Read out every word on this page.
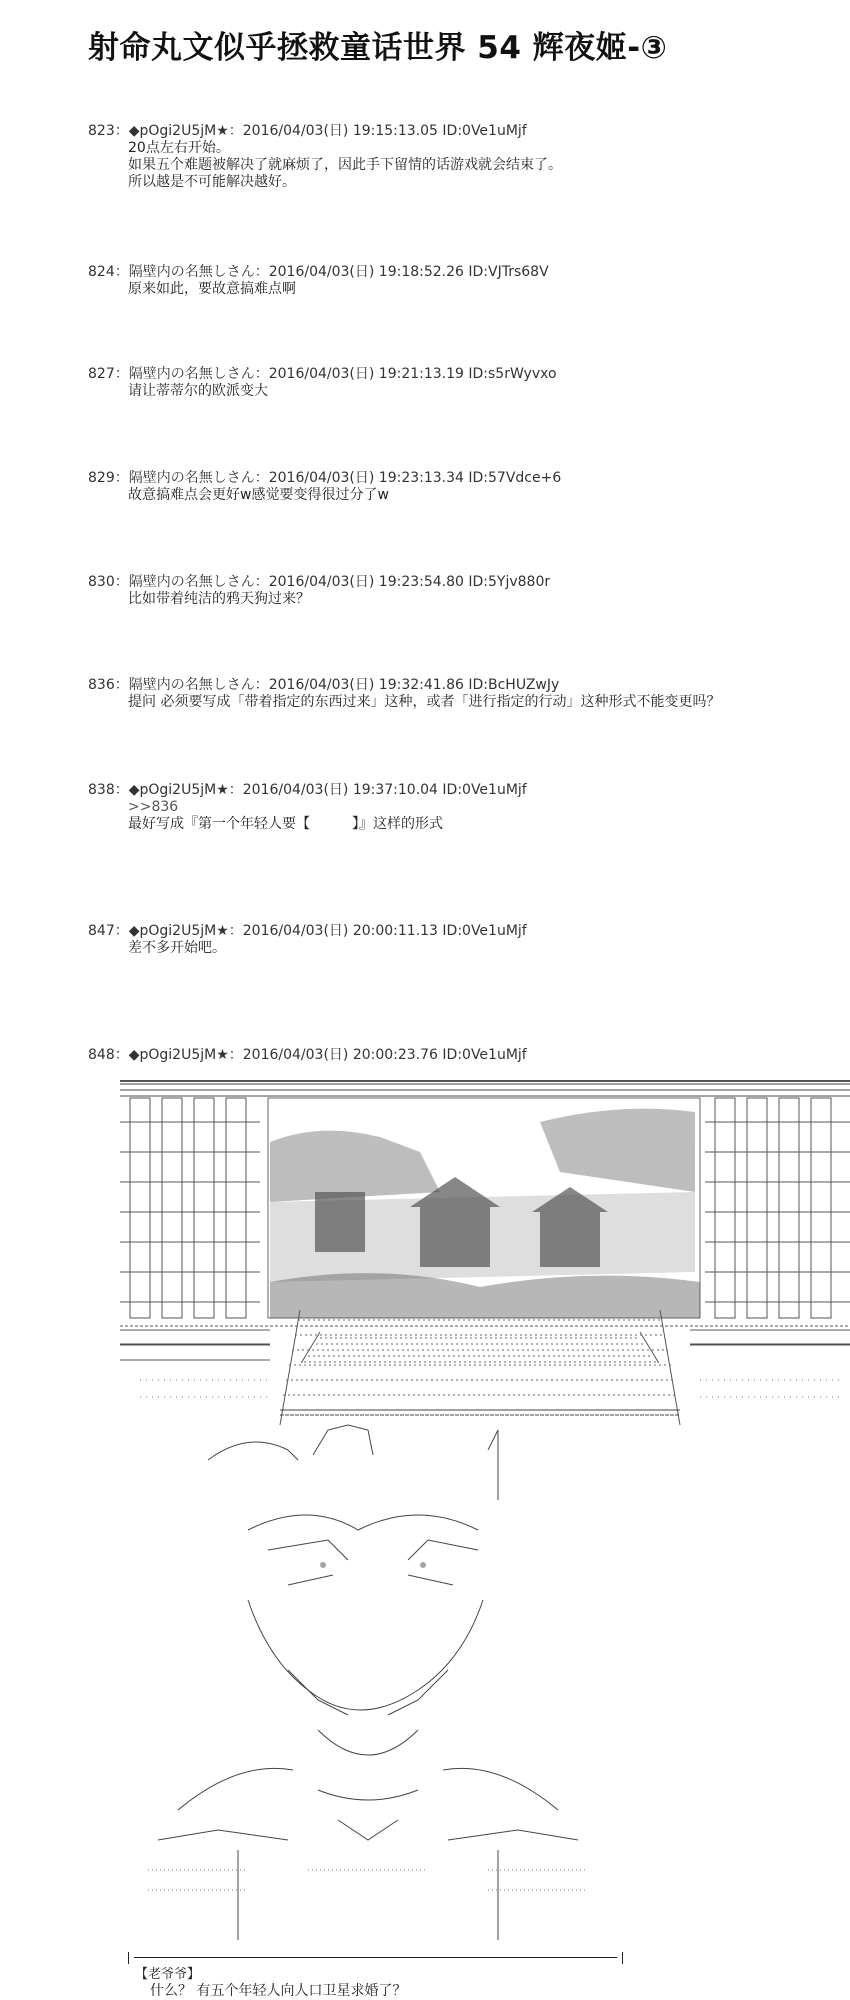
射命丸文似乎拯救童话世界 54 辉夜姬-③
823：◆pOgi2U5jM★：2016/04/03(日) 19:15:13.05 ID:0Ve1uMjf
20点左右开始。
如果五个难题被解决了就麻烦了，因此手下留情的话游戏就会结束了。
所以越是不可能解决越好。
824：隔壁内の名無しさん：2016/04/03(日) 19:18:52.26 ID:VJTrs68V
原来如此，要故意搞难点啊
827：隔壁内の名無しさん：2016/04/03(日) 19:21:13.19 ID:s5rWyvxo
请让蒂蒂尔的欧派变大
829：隔壁内の名無しさん：2016/04/03(日) 19:23:13.34 ID:57Vdce+6
故意搞难点会更好w感觉要变得很过分了w
830：隔壁内の名無しさん：2016/04/03(日) 19:23:54.80 ID:5Yjv880r
比如带着纯洁的鸦天狗过来？
836：隔壁内の名無しさん：2016/04/03(日) 19:32:41.86 ID:BcHUZwJy
提问 必须要写成「带着指定的东西过来」这种，或者「进行指定的行动」这种形式不能变更吗？
838：◆pOgi2U5jM★：2016/04/03(日) 19:37:10.04 ID:0Ve1uMjf
>>836
最好写成『第一个年轻人要【　　　】』这样的形式
847：◆pOgi2U5jM★：2016/04/03(日) 20:00:11.13 ID:0Ve1uMjf
差不多开始吧。
848：◆pOgi2U5jM★：2016/04/03(日) 20:00:23.76 ID:0Ve1uMjf

【老爷爷】
什么？ 有五个年轻人向人口卫星求婚了？
